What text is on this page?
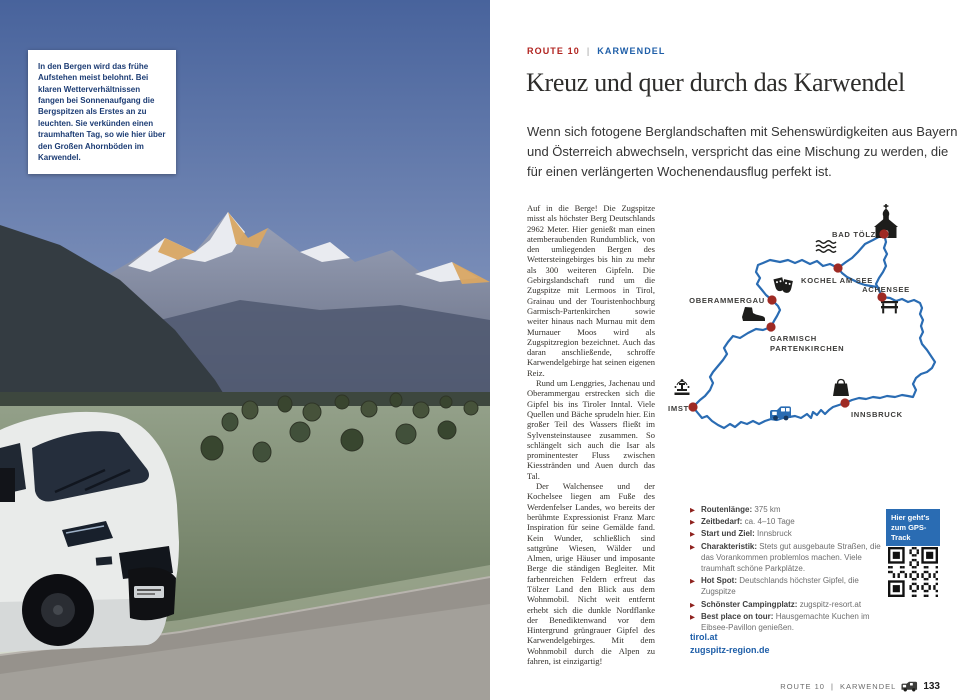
In den Bergen wird das frühe Aufstehen meist belohnt. Bei klaren Wetterverhältnissen fangen bei Sonnenaufgang die Bergspitzen als Erstes an zu leuchten. Sie verkünden einen traumhaften Tag, so wie hier über den Großen Ahornböden im Karwendel.

ROUTE 10 | KARWENDEL
Kreuz und quer durch das Karwendel

Wenn sich fotogene Berglandschaften mit Sehenswürdigkeiten aus Bayern und Österreich abwechseln, verspricht das eine Mischung zu werden, die für einen verlängerten Wochenendausflug perfekt ist.

Auf in die Berge! Die Zugspitze misst als höchster Berg Deutschlands 2962 Meter. Hier genießt man einen atemberaubenden Rundumblick, von den umliegenden Bergen des Wettersteingebirges bis hin zu mehr als 300 weiteren Gipfeln. Die Gebirgslandschaft rund um die Zugspitze mit Lermoos in Tirol, Grainau und der Touristenhochburg Garmisch-Partenkirchen sowie weiter hinaus nach Murnau mit dem Murnauer Moos wird als Zugspitzregion bezeichnet. Auch das daran anschließende, schroffe Karwendelgebirge hat seinen eigenen Reiz.

Rund um Lenggries, Jachenau und Oberammergau erstrecken sich die Gipfel bis ins Tiroler Inntal. Viele Quellen und Bäche sprudeln hier. Ein großer Teil des Wassers fließt im Sylvensteinstausee zusammen. So schlängelt sich auch die Isar als prominentester Fluss zwischen Kiesstränden und Auen durch das Tal.

Der Walchensee und der Kochelsee liegen am Fuße des Werdenfelser Landes, wo bereits der berühmte Expressionist Franz Marc Inspiration für seine Gemälde fand. Kein Wunder, schließlich sind sattgrüne Wiesen, Wälder und Almen, urige Häuser und imposante Berge die ständigen Begleiter. Mit farbenreichen Feldern erfreut das Tölzer Land den Blick aus dem Wohnmobil. Nicht weit entfernt erhebt sich die dunkle Nordflanke der Benediktenwand vor dem Hintergrund grüngrauer Gipfel des Karwendelgebirges. Mit dem Wohnmobil durch die Alpen zu fahren, ist einzigartig!

BAD TÖLZ
KOCHEL AM SEE
ACHENSEE
OBERAMMERGAU
GARMISCH
PARTENKIRCHEN
IMST
INNSBRUCK
▶ Routenlänge: 375 km
▶ Zeitbedarf: ca. 4–10 Tage
▶ Start und Ziel: Innsbruck
▶ Charakteristik: Stets gut ausgebaute Straßen, die das Vorankommen problemlos machen. Viele traumhaft schöne Parkplätze.
▶ Hot Spot: Deutschlands höchster Gipfel, die Zugspitze
▶ Schönster Campingplatz: zugspitz-resort.at
▶ Best place on tour: Hausgemachte Kuchen im Eibsee-Pavillon genießen.
Hier geht's zum GPS-Track
tirol.at
zugspitz-region.de
ROUTE 10 | KARWENDEL	133
